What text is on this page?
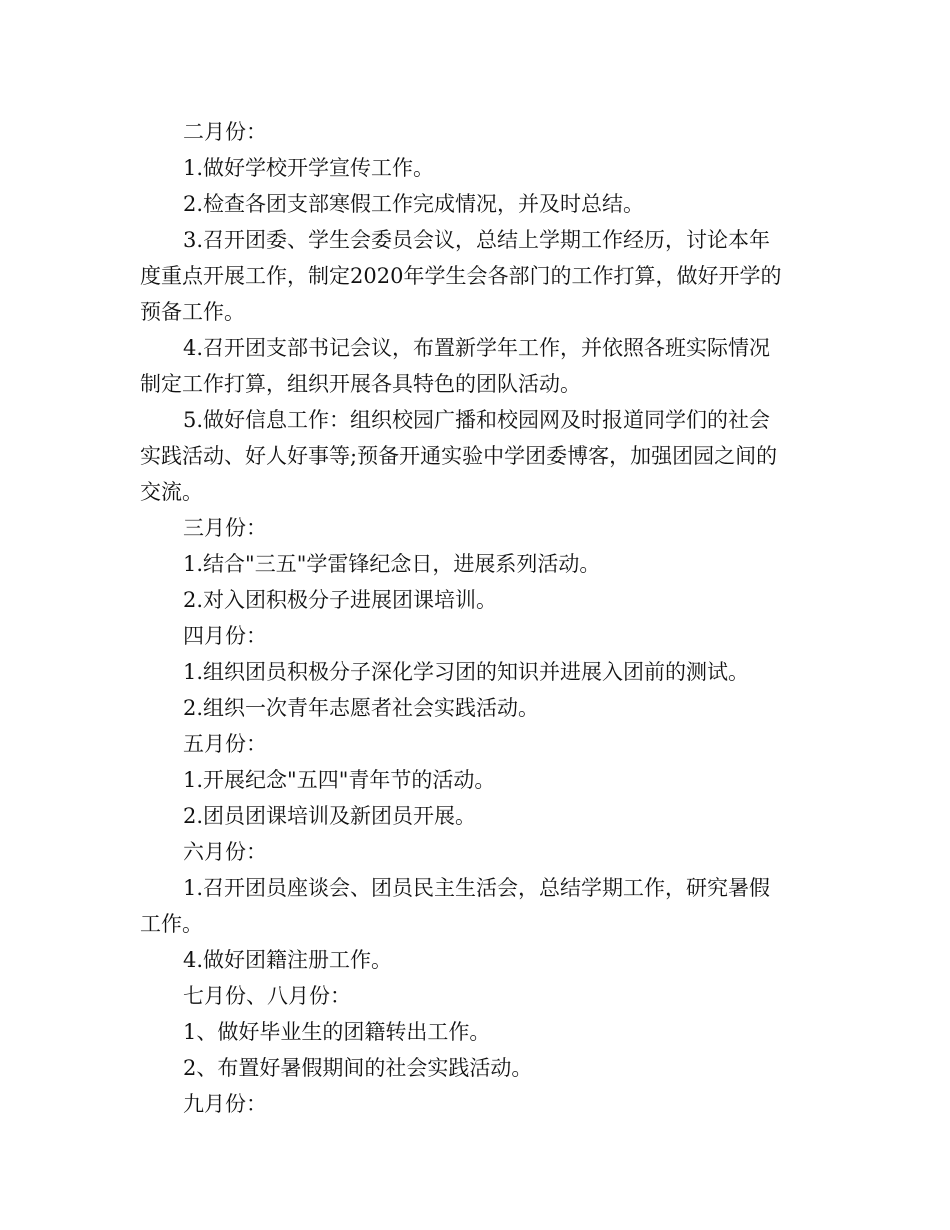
二月份：
1.做好学校开学宣传工作。
2.检查各团支部寒假工作完成情况，并及时总结。
3.召开团委、学生会委员会议，总结上学期工作经历，讨论本年
度重点开展工作，制定2020年学生会各部门的工作打算，做好开学的
预备工作。
4.召开团支部书记会议，布置新学年工作，并依照各班实际情况
制定工作打算，组织开展各具特色的团队活动。
5.做好信息工作：组织校园广播和校园网及时报道同学们的社会
实践活动、好人好事等;预备开通实验中学团委博客，加强团园之间的
交流。
三月份：
1.结合"三五"学雷锋纪念日，进展系列活动。
2.对入团积极分子进展团课培训。
四月份：
1.组织团员积极分子深化学习团的知识并进展入团前的测试。
2.组织一次青年志愿者社会实践活动。
五月份：
1.开展纪念"五四"青年节的活动。
2.团员团课培训及新团员开展。
六月份：
1.召开团员座谈会、团员民主生活会，总结学期工作，研究暑假
工作。
4.做好团籍注册工作。
七月份、八月份：
1、做好毕业生的团籍转出工作。
2、布置好暑假期间的社会实践活动。
九月份：
